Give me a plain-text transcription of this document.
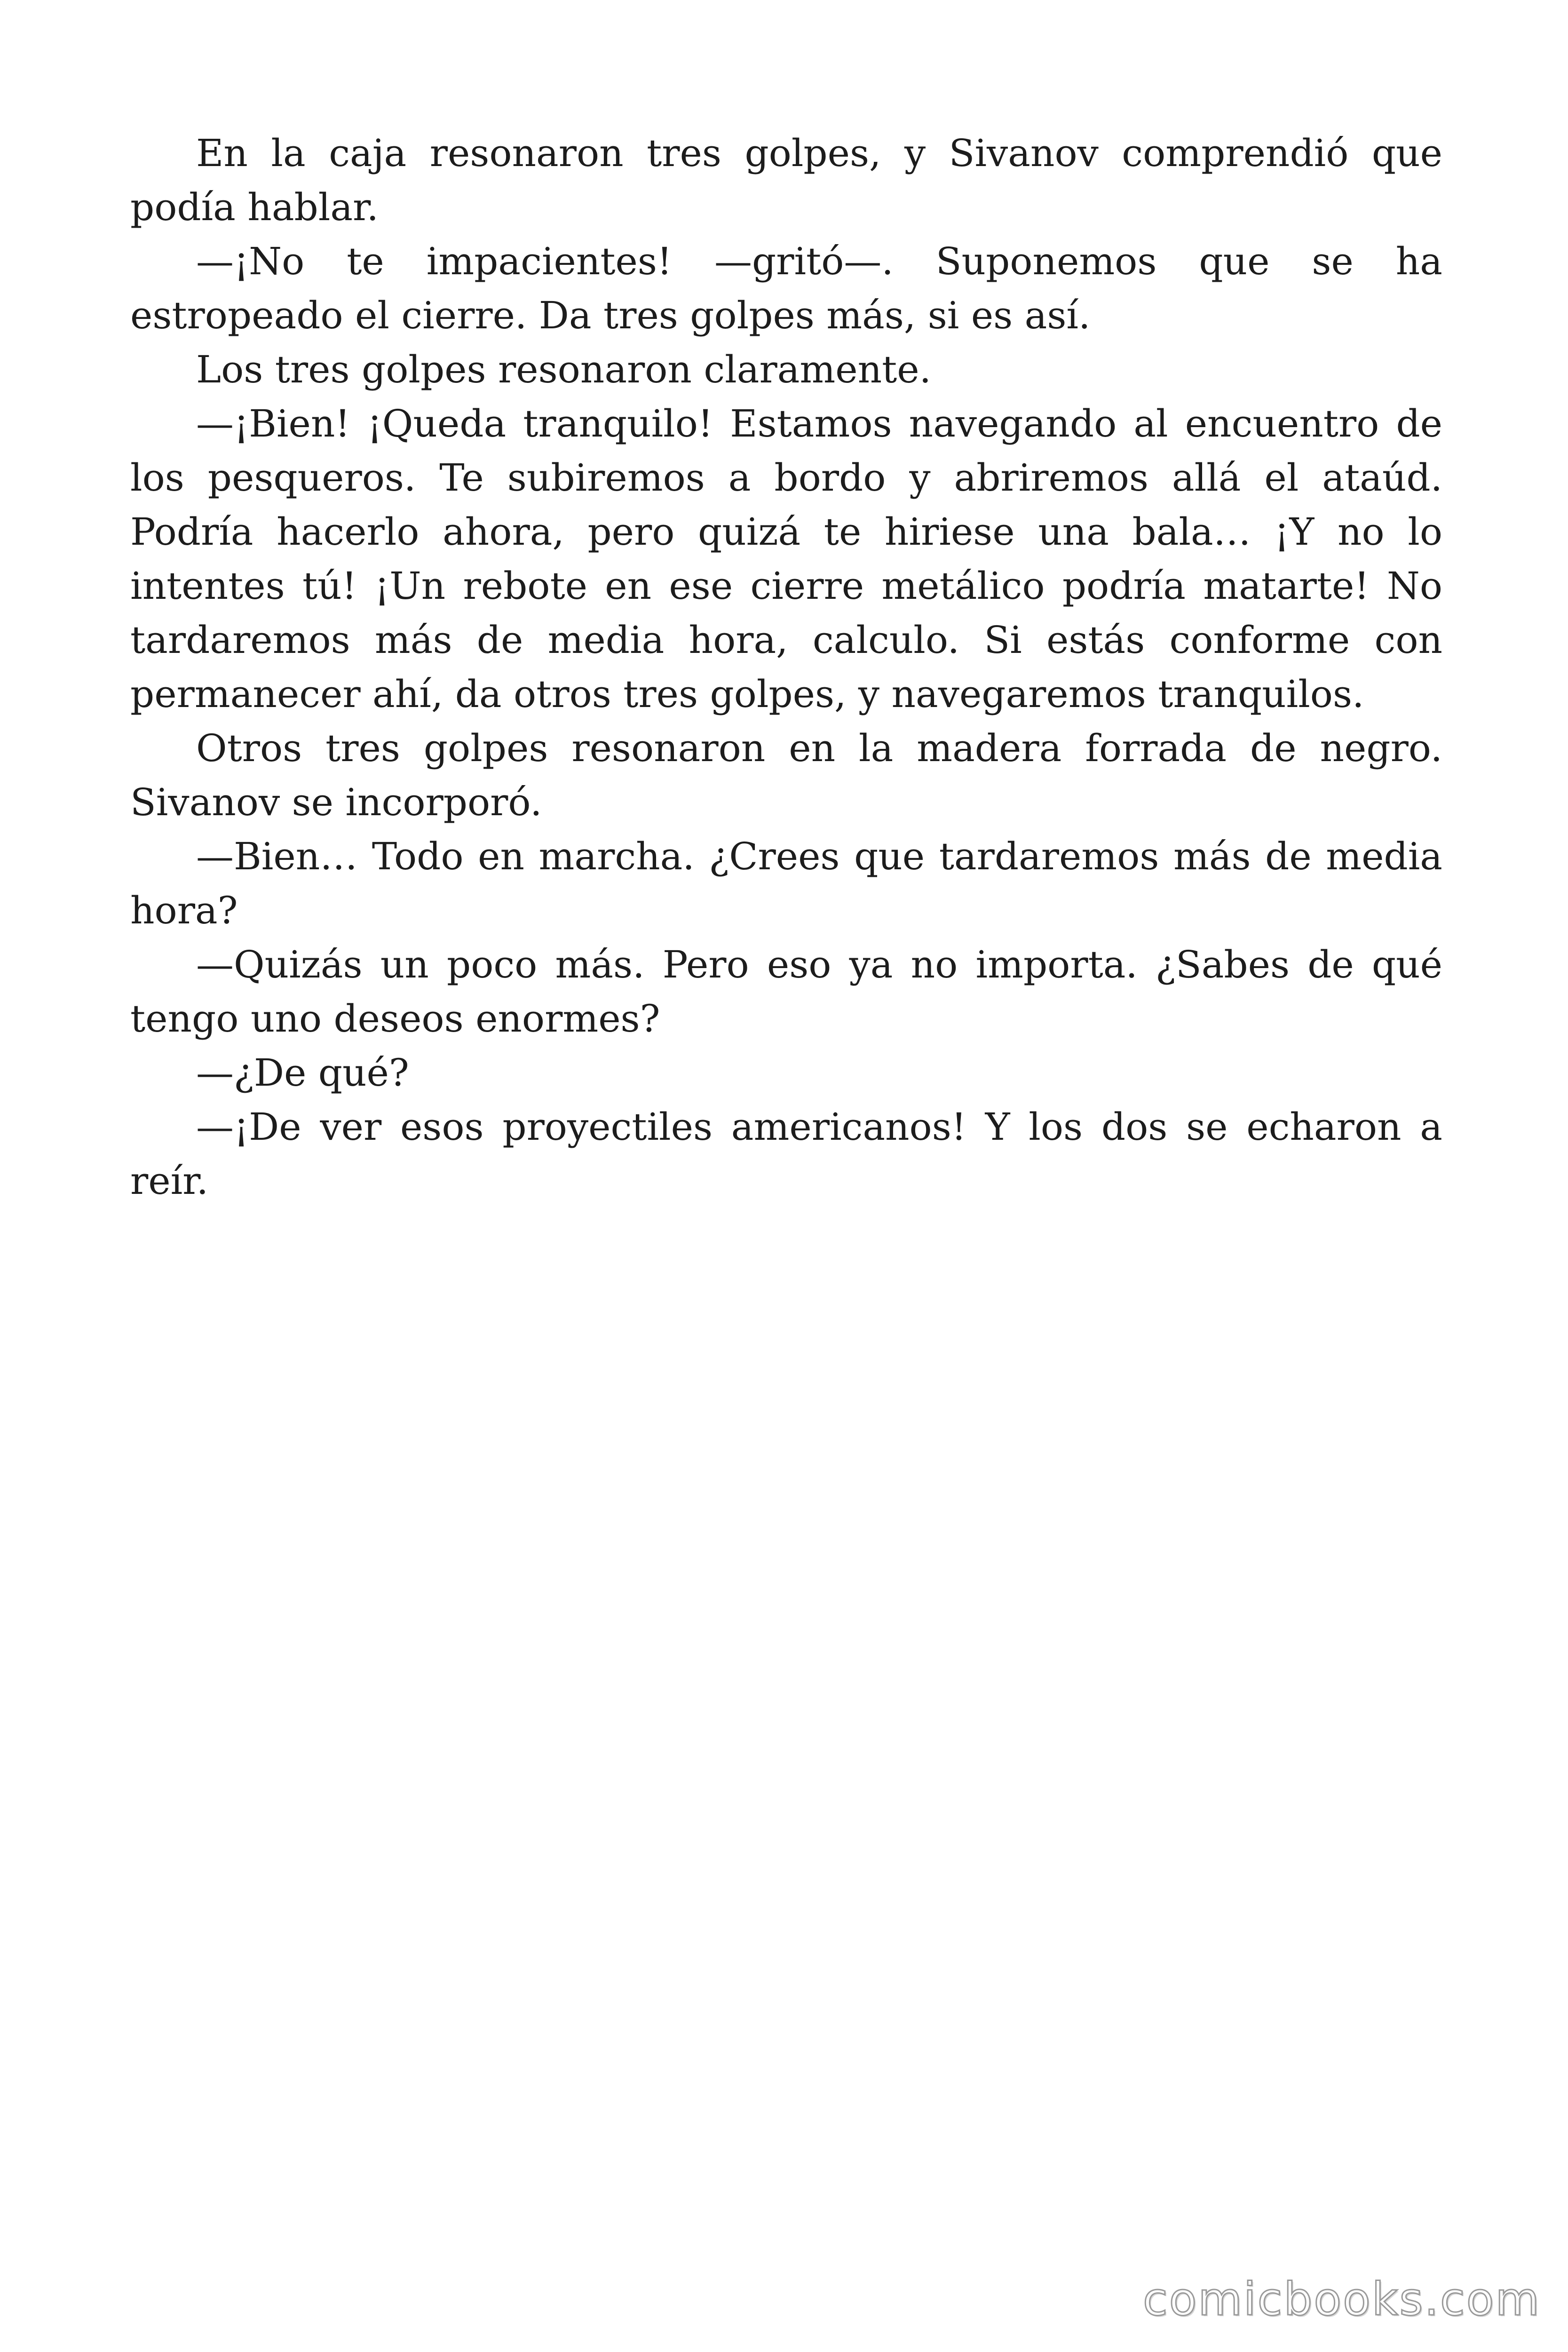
En la caja resonaron tres golpes, y Sivanov comprendió que podía hablar.

—¡No te impacientes! —gritó—. Suponemos que se ha estropeado el cierre. Da tres golpes más, si es así.

Los tres golpes resonaron claramente.

—¡Bien! ¡Queda tranquilo! Estamos navegando al encuentro de los pesqueros. Te subiremos a bordo y abriremos allá el ataúd. Podría hacerlo ahora, pero quizá te hiriese una bala… ¡Y no lo intentes tú! ¡Un rebote en ese cierre metálico podría matarte! No tardaremos más de media hora, calculo. Si estás conforme con permanecer ahí, da otros tres golpes, y navegaremos tranquilos.

Otros tres golpes resonaron en la madera forrada de negro. Sivanov se incorporó.

—Bien… Todo en marcha. ¿Crees que tardaremos más de media hora?

—Quizás un poco más. Pero eso ya no importa. ¿Sabes de qué tengo uno deseos enormes?

—¿De qué?

—¡De ver esos proyectiles americanos! Y los dos se echaron a reír.

comicbooks.com
